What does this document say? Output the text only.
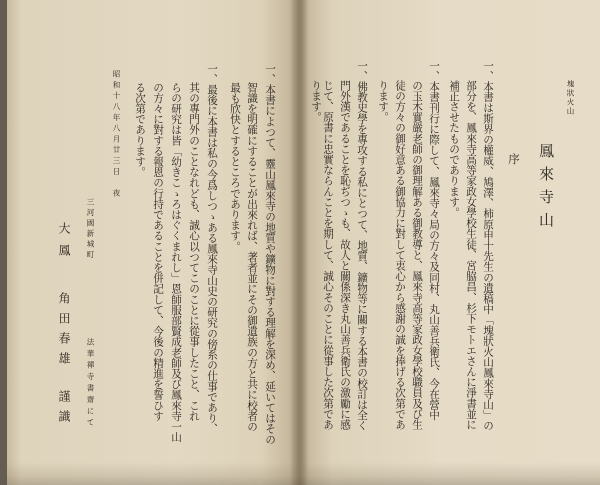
塊狀火山
鳳來寺山
序
一、本書は斯界の權威、鳩澤、柿原申十先生の遺稿中「塊狀火山鳳來寺山」の
部分を、鳳來寺高等家政女學校生徒、宮脇昌、杉下モトエさんに淨書並に
補正させたものであります。
一、本書刊行に際して、鳳來寺々局の方々及同村、丸山善兵衛氏、今在營中
の玉木實嚴老師の御理解ある御教導と、鳳來寺高等家政女學校職員及び生
徒の方々の御好意ある御協力に對して衷心から感謝の誠を捧げる次第であ
ります。
一、佛教史學を專攻する私にとつて、地質、鑛物等に關する本書の校訂は全く
門外漢であることを恥ぢつゝも、故人と關係深き丸山善兵衛氏の激勵に感
じて、原書に忠實ならんことを期して、誠心そのことに從事した次第であ
ります。
一、本書によつて、靈山鳳來寺の地質や鑛物に對する理解を深め、延いてはその
智識を明確にすることが出來れば、著者並にその御遺族の方と共に校者の
最も欣快とするところであります。
一、最後に本書は私の今爲しつゝある鳳來寺山史の研究の傍系の仕事であり、
其の專門外のことなれども、誠心以つてこのことに從事したこと、これ
らの研究は皆「幼きこゝろはぐくまれし」恩師服部賢成老師及び鳳來寺一山
の方々に對する報恩の行持であることを併記して、今後の精進を誓ひす
る次第であります。
昭和十八年八月廿三日　夜
三河國新城町
法華禪寺書齋にて
大鳳
角田春雄
謹識
